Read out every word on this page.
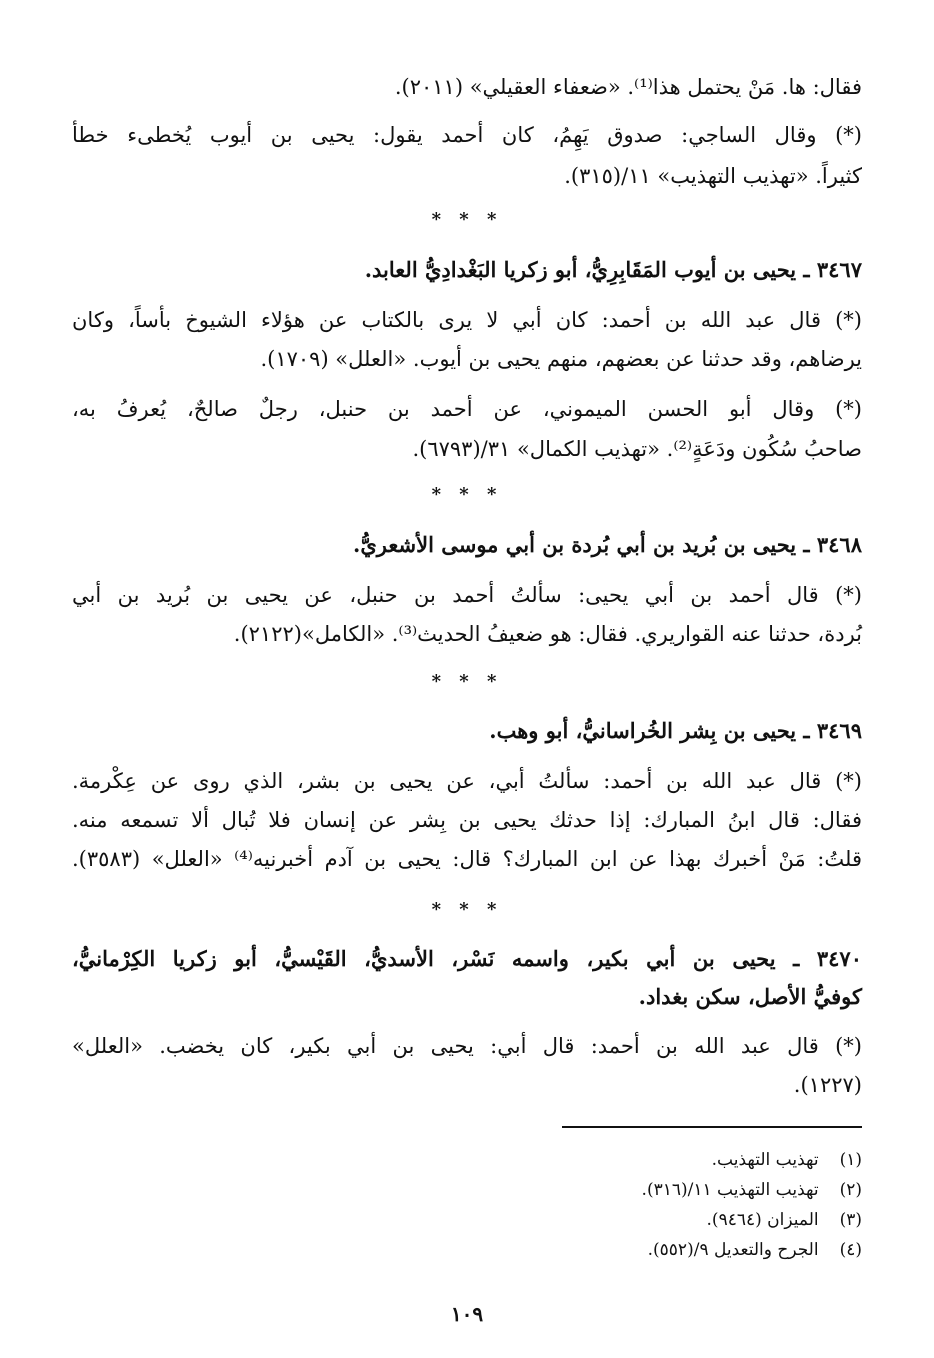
فقال: ها. مَنْ يحتمل هذا⁽¹⁾. «ضعفاء العقيلي» (٢٠١١).
(*) وقال الساجي: صدوق يَهِمُ، كان أحمد يقول: يحيى بن أيوب يُخطىء خطأ
كثيراً. «تهذيب التهذيب» ١١/(٣١٥).
* * *
٣٤٦٧ ـ يحيى بن أيوب المَقَابِرِيُّ، أبو زكريا البَغْدادِيُّ العابد.
(*) قال عبد الله بن أحمد: كان أبي لا يرى بالكتاب عن هؤلاء الشيوخ بأساً، وكان
يرضاهم، وقد حدثنا عن بعضهم، منهم يحيى بن أيوب. «العلل» (١٧٠٩).
(*) وقال أبو الحسن الميموني، عن أحمد بن حنبل، رجلٌ صالحٌ، يُعرفُ به،
صاحبُ سُكُون ودَعَةٍ⁽²⁾. «تهذيب الكمال» ٣١/(٦٧٩٣).
* * *
٣٤٦٨ ـ يحيى بن بُريد بن أبي بُردة بن أبي موسى الأشعريُّ.
(*) قال أحمد بن أبي يحيى: سألتُ أحمد بن حنبل، عن يحيى بن بُريد بن أبي
بُردة، حدثنا عنه القواريري. فقال: هو ضعيفُ الحديث⁽³⁾. «الكامل»(٢١٢٢).
* * *
٣٤٦٩ ـ يحيى بن بِشر الخُراسانيُّ، أبو وهب.
(*) قال عبد الله بن أحمد: سألتُ أبي، عن يحيى بن بشر، الذي روى عن عِكْرمة.
فقال: قال ابنُ المبارك: إذا حدثك يحيى بن بِشر عن إنسان فلا تُبال ألا تسمعه منه.
قلتُ: مَنْ أخبرك بهذا عن ابن المبارك؟ قال: يحيى بن آدم أخبرنيه⁽⁴⁾ «العلل» (٣٥٨٣).
* * *
٣٤٧٠ ـ يحيى بن أبي بكير، واسمه نَسْر، الأسديُّ، القَيْسيُّ، أبو زكريا الكِرْمانيُّ،
كوفيُّ الأصل، سكن بغداد.
(*) قال عبد الله بن أحمد: قال أبي: يحيى بن أبي بكير، كان يخضب. «العلل»
(١٢٢٧).
(١) تهذيب التهذيب.
(٢) تهذيب التهذيب ١١/(٣١٦).
(٣) الميزان (٩٤٦٤).
(٤) الجرح والتعديل ٩/(٥٥٢).
١٠٩
